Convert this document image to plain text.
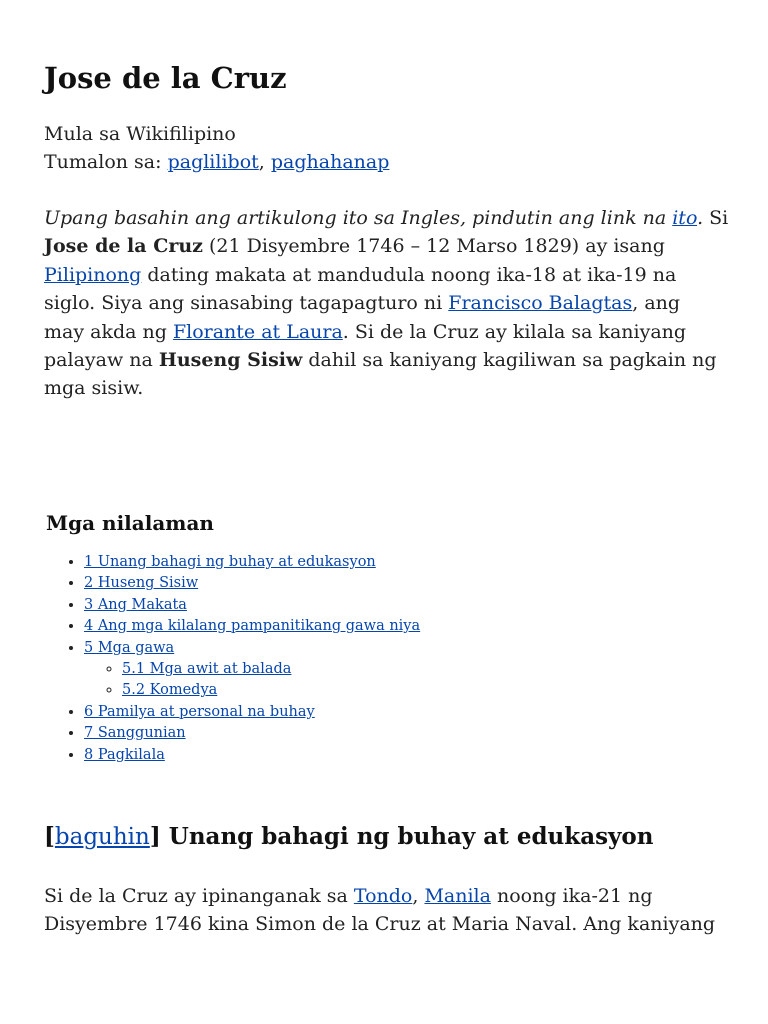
Jose de la Cruz
Mula sa Wikifilipino
Tumalon sa: paglilibot, paghahanap
Upang basahin ang artikulong ito sa Ingles, pindutin ang link na ito. Si
Jose de la Cruz (21 Disyembre 1746 – 12 Marso 1829) ay isang
Pilipinong dating makata at mandudula noong ika-18 at ika-19 na
siglo. Siya ang sinasabing tagapagturo ni Francisco Balagtas, ang
may akda ng Florante at Laura. Si de la Cruz ay kilala sa kaniyang
palayaw na Huseng Sisiw dahil sa kaniyang kagiliwan sa pagkain ng
mga sisiw.
Mga nilalaman
• 1 Unang bahagi ng buhay at edukasyon
• 2 Huseng Sisiw
• 3 Ang Makata
• 4 Ang mga kilalang pampanitikang gawa niya
• 5 Mga gawa
◦ 5.1 Mga awit at balada
◦ 5.2 Komedya
• 6 Pamilya at personal na buhay
• 7 Sanggunian
• 8 Pagkilala
[baguhin] Unang bahagi ng buhay at edukasyon
Si de la Cruz ay ipinanganak sa Tondo, Manila noong ika-21 ng
Disyembre 1746 kina Simon de la Cruz at Maria Naval. Ang kaniyang
